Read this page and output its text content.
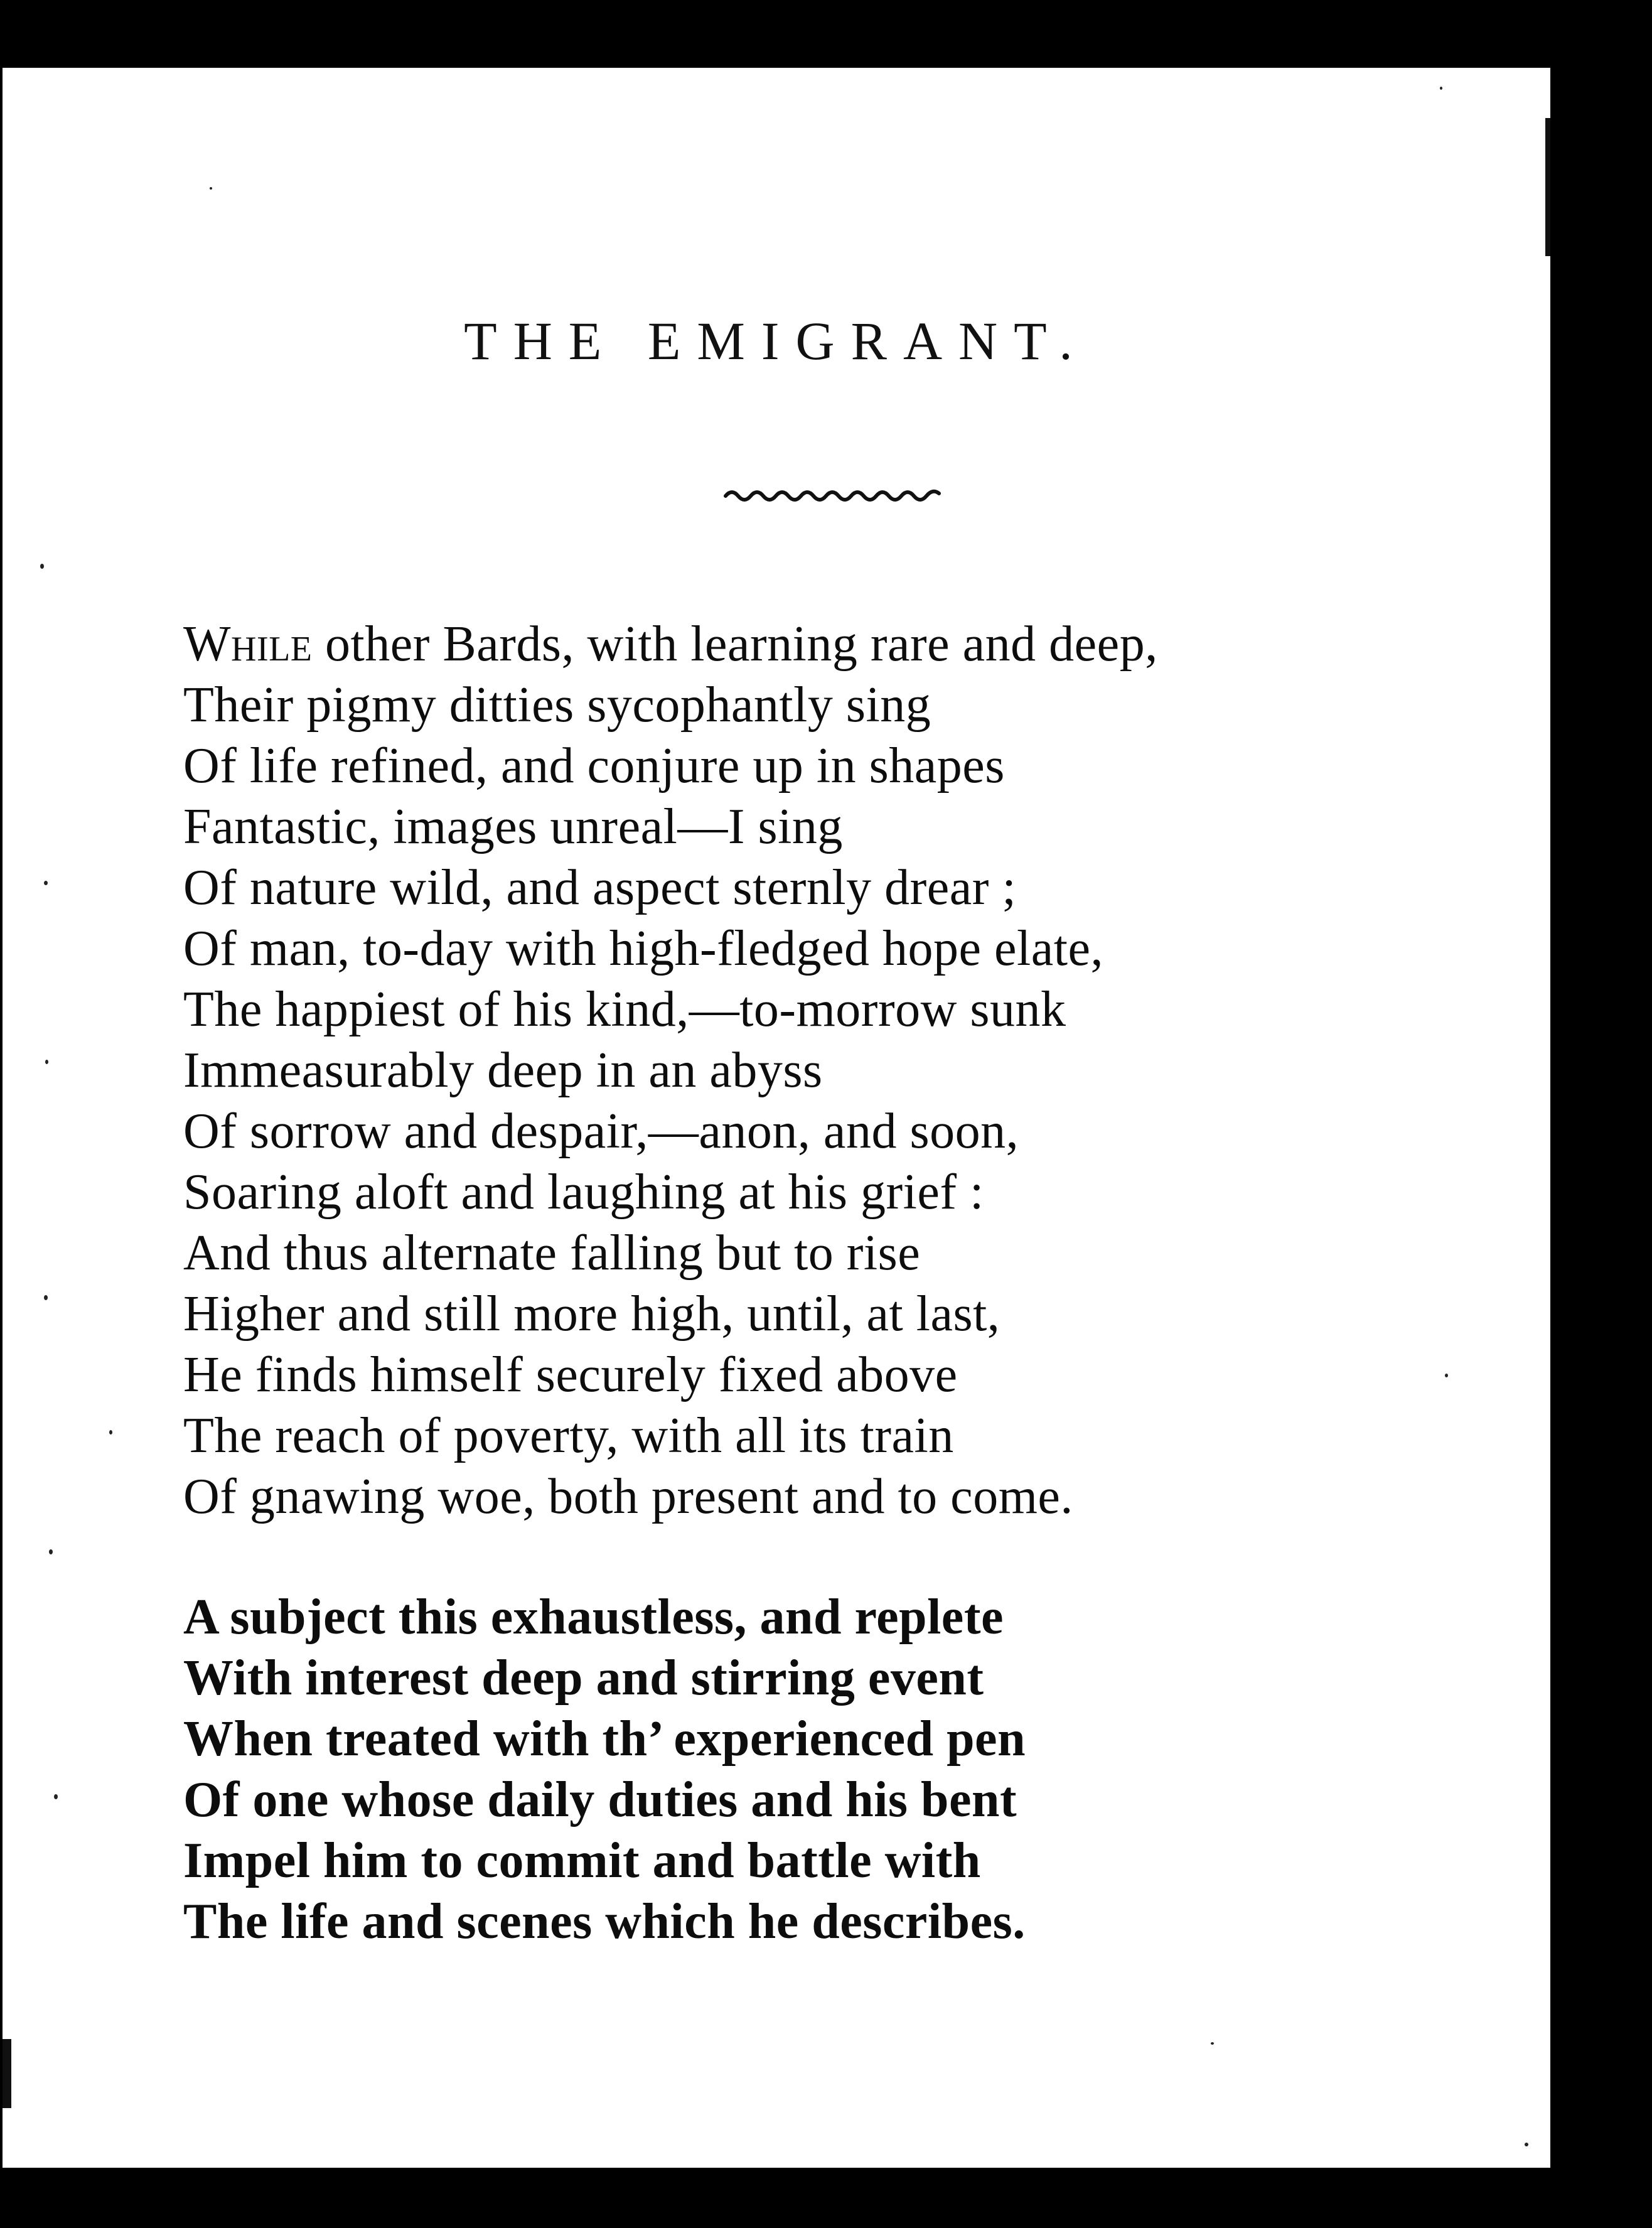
THE EMIGRANT.
While other Bards, with learning rare and deep,
Their pigmy ditties sycophantly sing
Of life refined, and conjure up in shapes
Fantastic, images unreal—I sing
Of nature wild, and aspect sternly drear ;
Of man, to-day with high-fledged hope elate,
The happiest of his kind,—to-morrow sunk
Immeasurably deep in an abyss
Of sorrow and despair,—anon, and soon,
Soaring aloft and laughing at his grief :
And thus alternate falling but to rise
Higher and still more high, until, at last,
He finds himself securely fixed above
The reach of poverty, with all its train
Of gnawing woe, both present and to come.
A subject this exhaustless, and replete
With interest deep and stirring event
When treated with th’ experienced pen
Of one whose daily duties and his bent
Impel him to commit and battle with
The life and scenes which he describes.
